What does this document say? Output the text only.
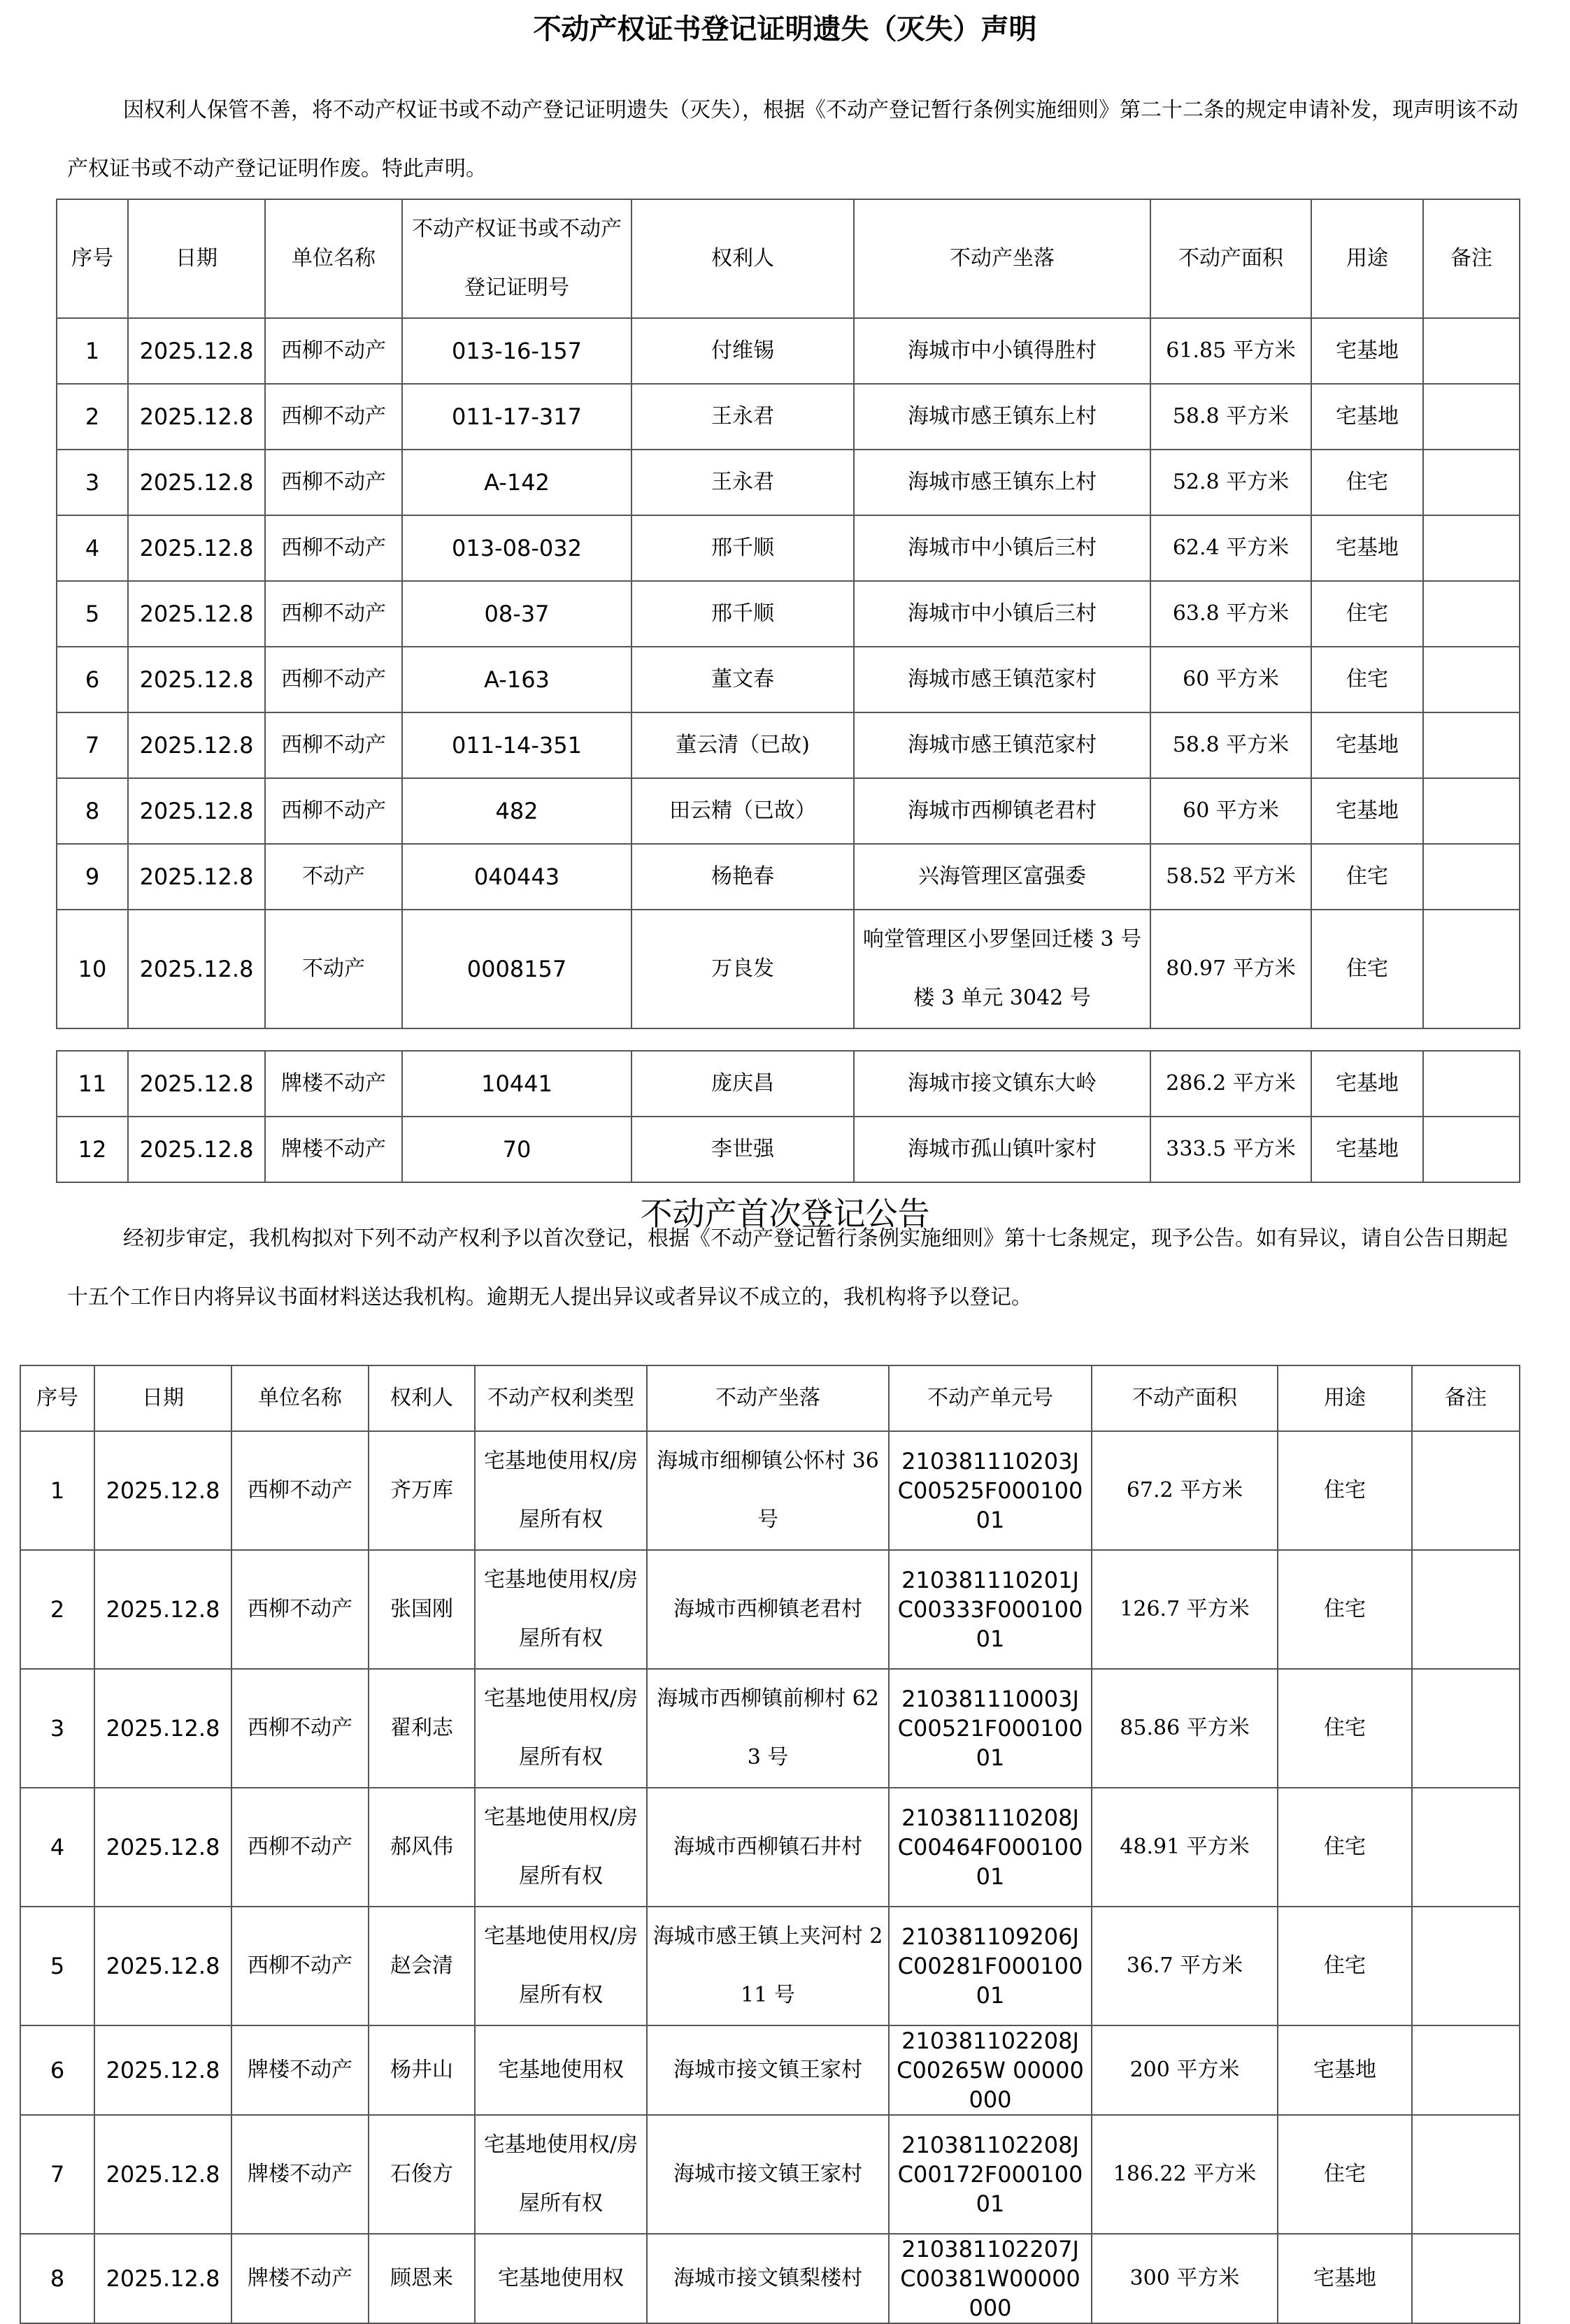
不动产权证书登记证明遗失（灭失）声明

因权利人保管不善，将不动产权证书或不动产登记证明遗失（灭失），根据《不动产登记暂行条例实施细则》第二十二条的规定申请补发，现声明该不动产权证书或不动产登记证明作废。特此声明。

序号	日期	单位名称	不动产权证书或不动产登记证明号	权利人	不动产坐落	不动产面积	用途	备注
1	2025.12.8	西柳不动产	013-16-157	付维锡	海城市中小镇得胜村	61.85 平方米	宅基地	
2	2025.12.8	西柳不动产	011-17-317	王永君	海城市感王镇东上村	58.8 平方米	宅基地	
3	2025.12.8	西柳不动产	A-142	王永君	海城市感王镇东上村	52.8 平方米	住宅	
4	2025.12.8	西柳不动产	013-08-032	邢千顺	海城市中小镇后三村	62.4 平方米	宅基地	
5	2025.12.8	西柳不动产	08-37	邢千顺	海城市中小镇后三村	63.8 平方米	住宅	
6	2025.12.8	西柳不动产	A-163	董文春	海城市感王镇范家村	60 平方米	住宅	
7	2025.12.8	西柳不动产	011-14-351	董云清（已故)	海城市感王镇范家村	58.8 平方米	宅基地	
8	2025.12.8	西柳不动产	482	田云精（已故）	海城市西柳镇老君村	60 平方米	宅基地	
9	2025.12.8	不动产	040443	杨艳春	兴海管理区富强委	58.52 平方米	住宅	
10	2025.12.8	不动产	0008157	万良发	响堂管理区小罗堡回迁楼 3 号楼 3 单元 3042 号	80.97 平方米	住宅	
11	2025.12.8	牌楼不动产	10441	庞庆昌	海城市接文镇东大岭	286.2 平方米	宅基地	
12	2025.12.8	牌楼不动产	70	李世强	海城市孤山镇叶家村	333.5 平方米	宅基地	
不动产首次登记公告

经初步审定，我机构拟对下列不动产权利予以首次登记，根据《不动产登记暂行条例实施细则》第十七条规定，现予公告。如有异议，请自公告日期起十五个工作日内将异议书面材料送达我机构。逾期无人提出异议或者异议不成立的，我机构将予以登记。

序号	日期	单位名称	权利人	不动产权利类型	不动产坐落	不动产单元号	不动产面积	用途	备注
1	2025.12.8	西柳不动产	齐万库	宅基地使用权/房屋所有权	海城市细柳镇公怀村 36 号	210381110203JC00525F00010001	67.2 平方米	住宅	
2	2025.12.8	西柳不动产	张国刚	宅基地使用权/房屋所有权	海城市西柳镇老君村	210381110201JC00333F00010001	126.7 平方米	住宅	
3	2025.12.8	西柳不动产	翟利志	宅基地使用权/房屋所有权	海城市西柳镇前柳村 623 号	210381110003JC00521F00010001	85.86 平方米	住宅	
4	2025.12.8	西柳不动产	郝风伟	宅基地使用权/房屋所有权	海城市西柳镇石井村	210381110208JC00464F00010001	48.91 平方米	住宅	
5	2025.12.8	西柳不动产	赵会清	宅基地使用权/房屋所有权	海城市感王镇上夹河村 211 号	210381109206JC00281F00010001	36.7 平方米	住宅	
6	2025.12.8	牌楼不动产	杨井山	宅基地使用权	海城市接文镇王家村	210381102208JC00265W 00000000	200 平方米	宅基地	
7	2025.12.8	牌楼不动产	石俊方	宅基地使用权/房屋所有权	海城市接文镇王家村	210381102208JC00172F00010001	186.22 平方米	住宅	
8	2025.12.8	牌楼不动产	顾恩来	宅基地使用权	海城市接文镇梨楼村	210381102207JC00381W00000000	300 平方米	宅基地	
